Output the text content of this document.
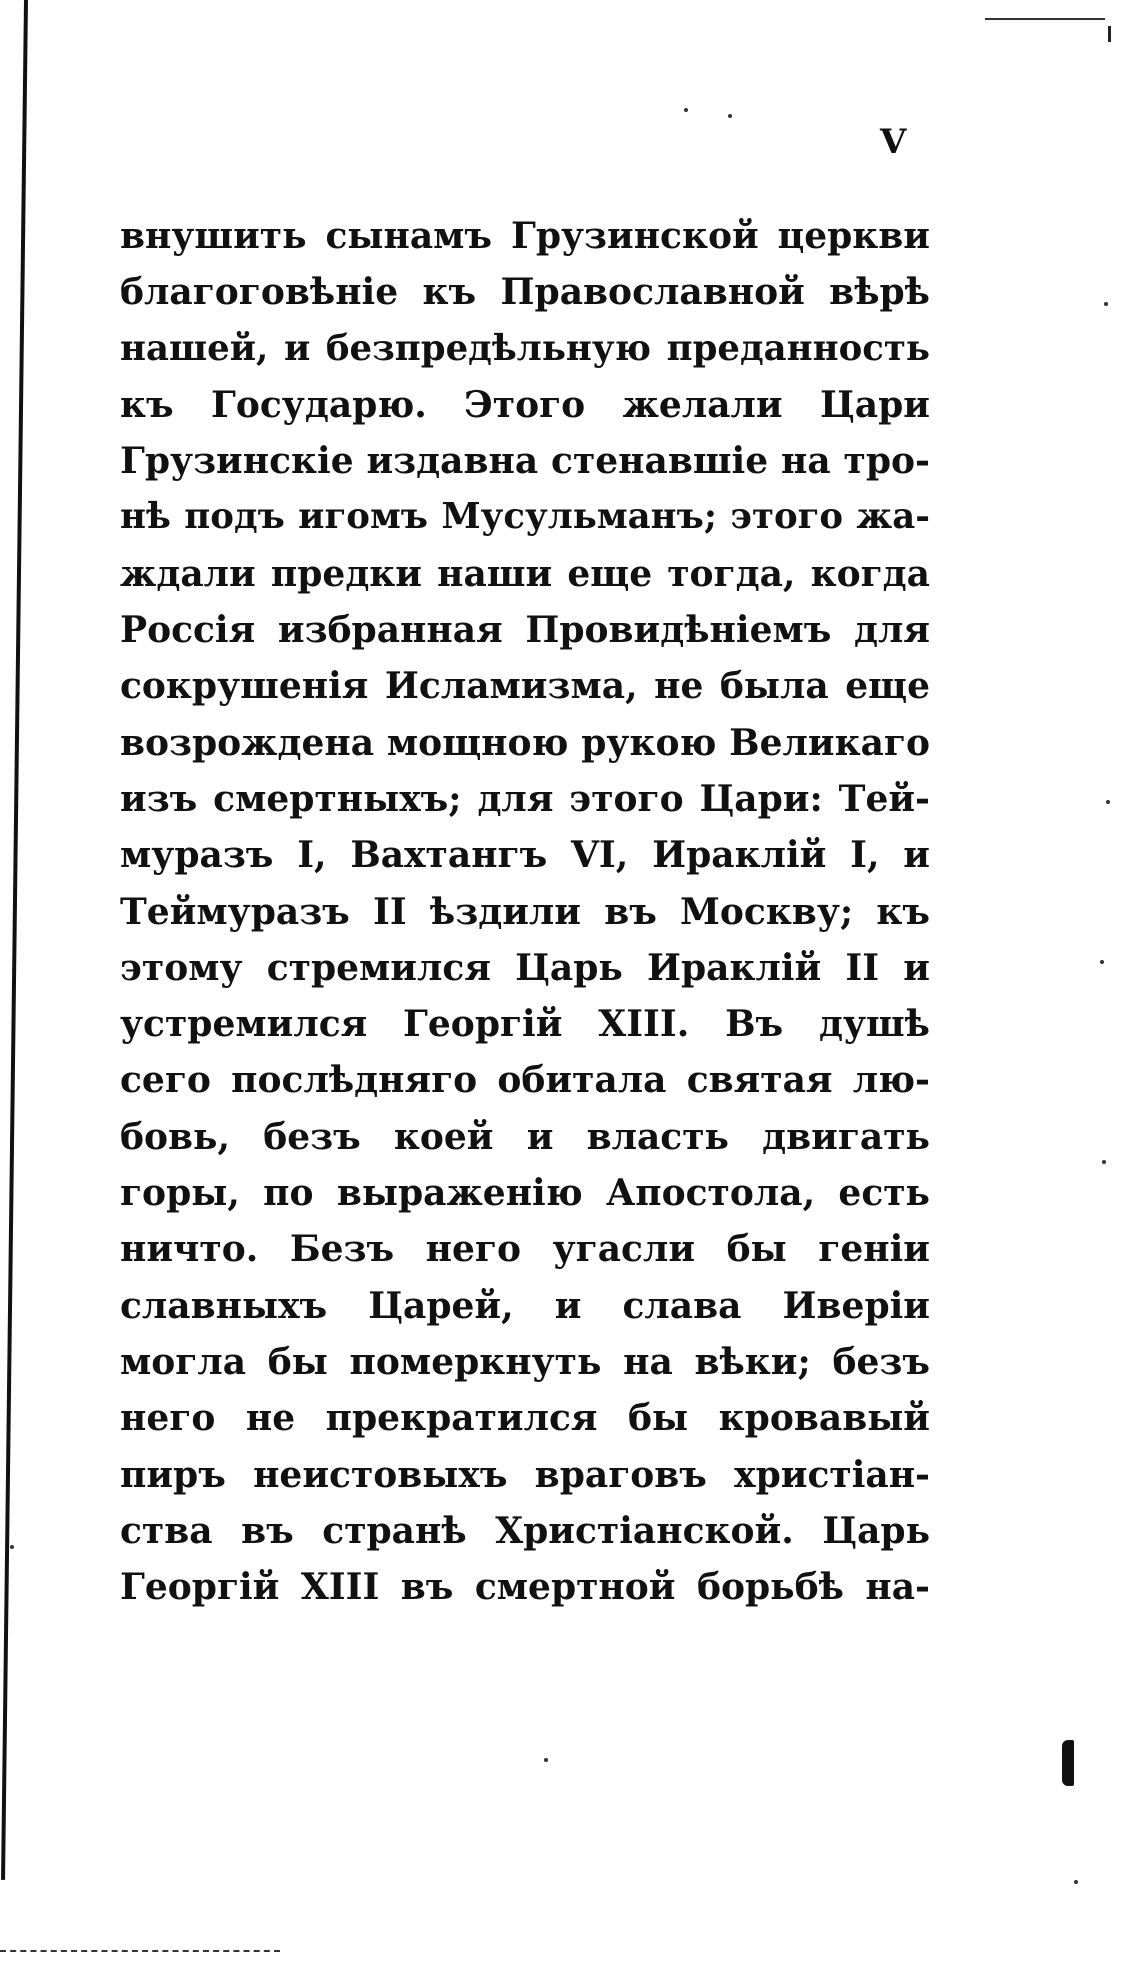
V
внушить сынамъ Грузинской церкви
благоговѣніе къ Православной вѣрѣ
нашей, и безпредѣльную преданность
къ Государю. Этого желали Цари
Грузинскіе издавна стенавшіе на тро-
нѣ подъ игомъ Мусульманъ; этого жа-
ждали предки наши еще тогда, когда
Россія избранная Провидѣніемъ для
сокрушенія Исламизма, не была еще
возрождена мощною рукою Великаго
изъ смертныхъ; для этого Цари: Тей-
муразъ I, Вахтангъ VI, Ираклій I, и
Теймуразъ II ѣздили въ Москву; къ
этому стремился Царь Ираклій II и
устремился Георгій XIII. Въ душѣ
сего послѣдняго обитала святая лю-
бовь, безъ коей и власть двигать
горы, по выраженію Апостола, есть
ничто. Безъ него угасли бы геніи
славныхъ Царей, и слава Иверіи
могла бы померкнуть на вѣки; безъ
него не прекратился бы кровавый
пиръ неистовыхъ враговъ христіан-
ства въ странѣ Христіанской. Царь
Георгій XIII въ смертной борьбѣ на-
